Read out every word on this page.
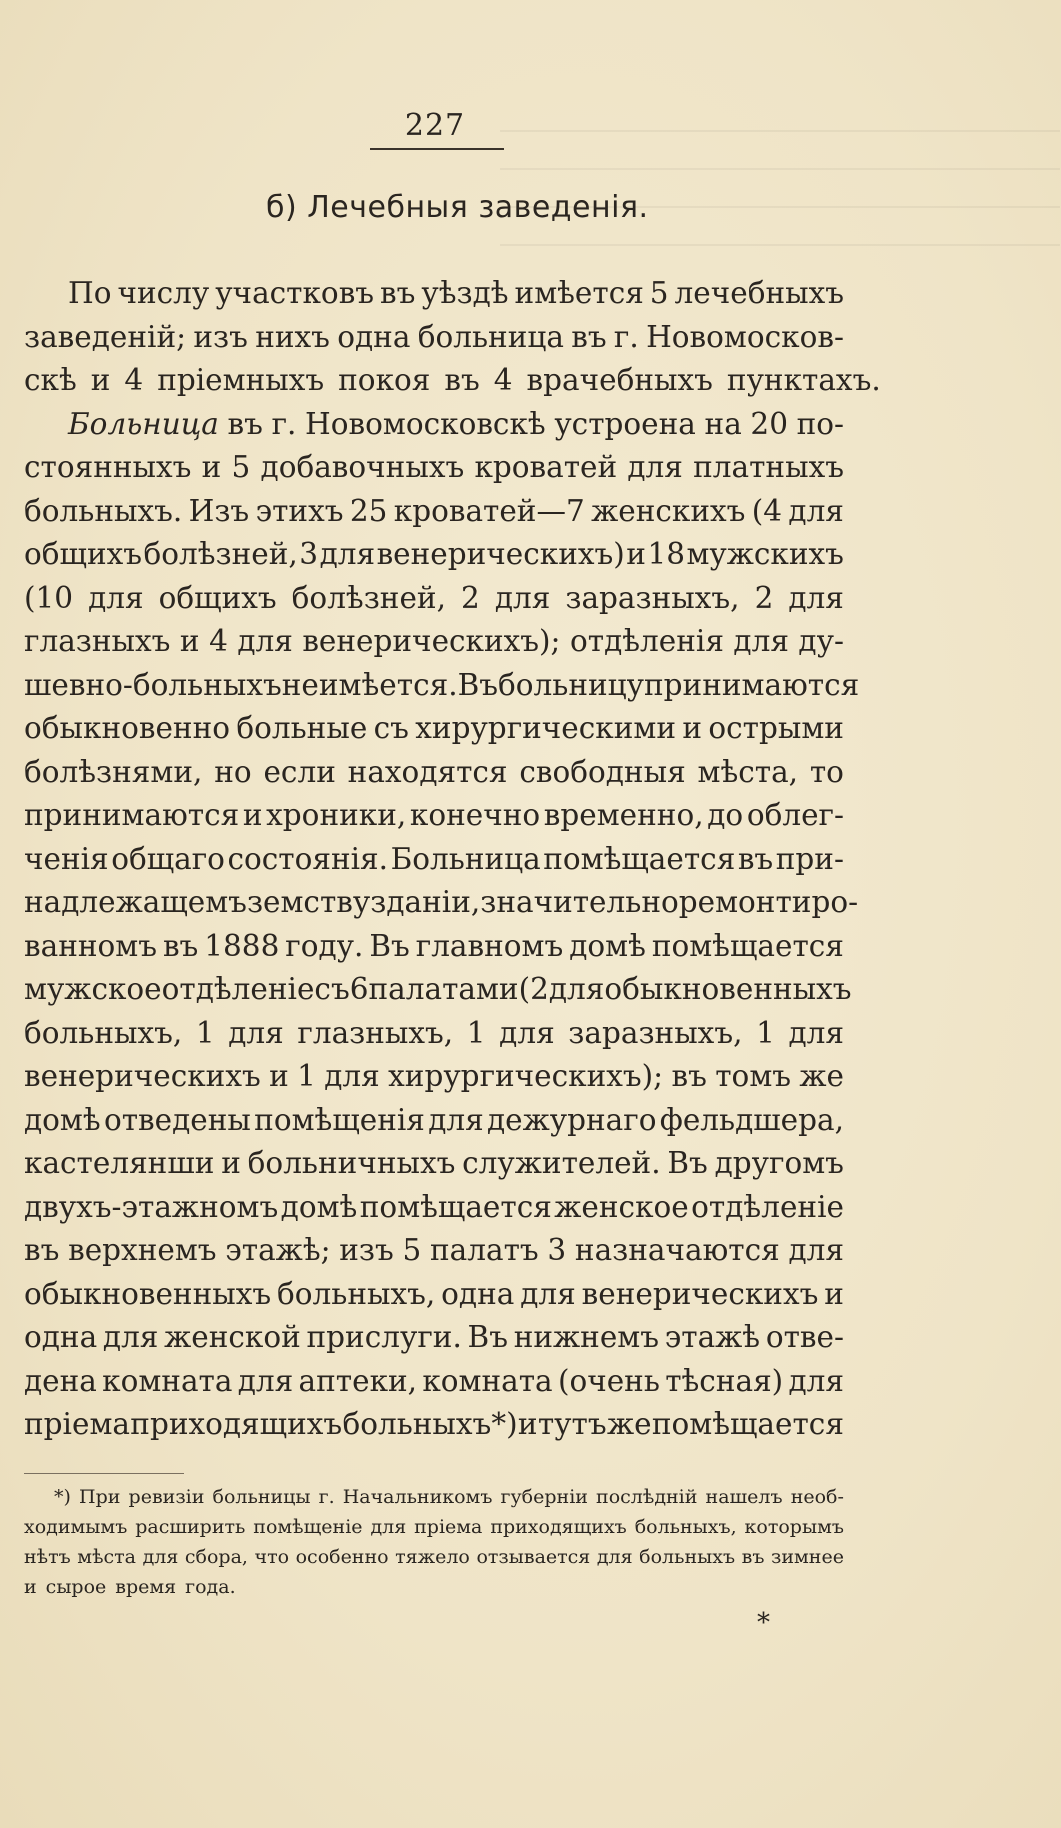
227
б) Лечебныя заведенія.
По числу участковъ въ уѣздѣ имѣется 5 лечебныхъ
заведеній; изъ нихъ одна больница въ г. Новомосков-
скѣ и 4 пріемныхъ покоя въ 4 врачебныхъ пунктахъ.
Больница въ г. Новомосковскѣ устроена на 20 по-
стоянныхъ и 5 добавочныхъ кроватей для платныхъ
больныхъ. Изъ этихъ 25 кроватей—7 женскихъ (4 для
общихъ болѣзней, 3 для венерическихъ) и 18 мужскихъ
(10 для общихъ болѣзней, 2 для заразныхъ, 2 для
глазныхъ и 4 для венерическихъ); отдѣленія для ду-
шевно-больныхъ не имѣется. Въ больницу принимаются
обыкновенно больные съ хирургическими и острыми
болѣзнями, но если находятся свободныя мѣста, то
принимаются и хроники, конечно временно, до облег-
ченія общаго состоянія. Больница помѣщается въ при-
надлежащемъ земству зданіи, значительно ремонтиро-
ванномъ въ 1888 году. Въ главномъ домѣ помѣщается
мужское отдѣленіе съ 6 палатами (2 для обыкновенныхъ
больныхъ, 1 для глазныхъ, 1 для заразныхъ, 1 для
венерическихъ и 1 для хирургическихъ); въ томъ же
домѣ отведены помѣщенія для дежурнаго фельдшера,
кастелянши и больничныхъ служителей. Въ другомъ
двухъ-этажномъ домѣ помѣщается женское отдѣленіе
въ верхнемъ этажѣ; изъ 5 палатъ 3 назначаются для
обыкновенныхъ больныхъ, одна для венерическихъ и
одна для женской прислуги. Въ нижнемъ этажѣ отве-
дена комната для аптеки, комната (очень тѣсная) для
пріема приходящихъ больныхъ*) и тутъ же помѣщается
*) При ревизіи больницы г. Начальникомъ губерніи послѣдній нашелъ необ-
ходимымъ расширить помѣщеніе для пріема приходящихъ больныхъ, которымъ
нѣтъ мѣста для сбора, что особенно тяжело отзывается для больныхъ въ зимнее
и сырое время года.
*
